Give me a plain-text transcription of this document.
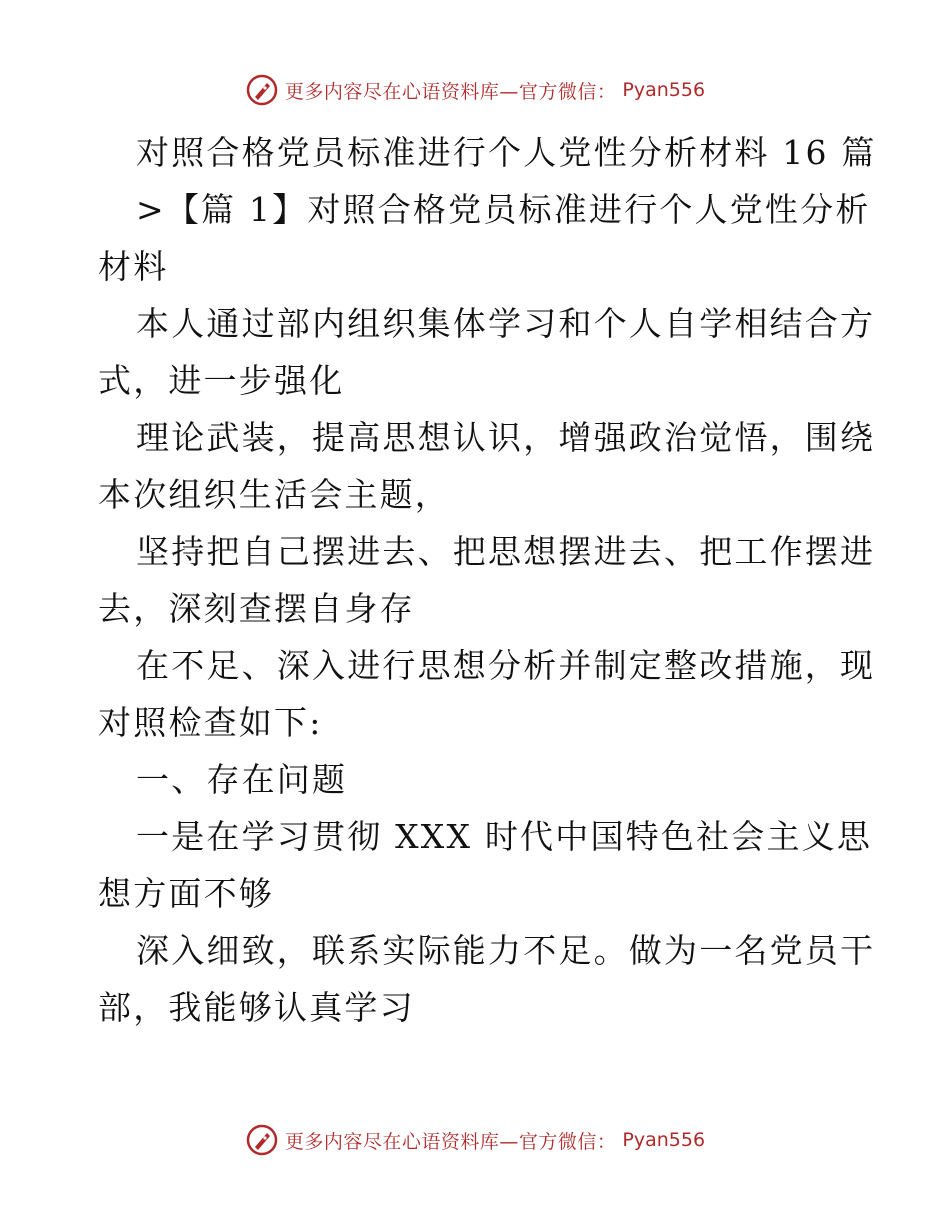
更多内容尽在心语资料库—官方微信： Pyan556
对照合格党员标准进行个人党性分析材料 16 篇
>【篇 1】对照合格党员标准进行个人党性分析
材料
本人通过部内组织集体学习和个人自学相结合方
式，进一步强化
理论武装，提高思想认识，增强政治觉悟，围绕
本次组织生活会主题，
坚持把自己摆进去、把思想摆进去、把工作摆进
去，深刻查摆自身存
在不足、深入进行思想分析并制定整改措施，现
对照检查如下:
一、存在问题
一是在学习贯彻 XXX 时代中国特色社会主义思
想方面不够
深入细致，联系实际能力不足。做为一名党员干
部，我能够认真学习
更多内容尽在心语资料库—官方微信： Pyan556
